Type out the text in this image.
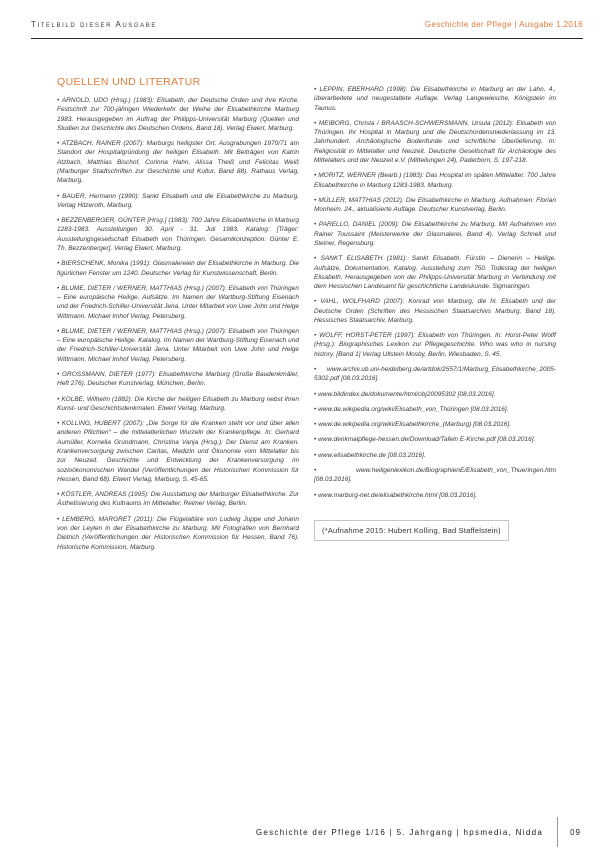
Titelbild dieser Ausgabe	Geschichte der Pflege | Ausgabe 1.2016
QUELLEN UND LITERATUR

• ARNOLD, UDO (Hrsg.) (1983): Elisabeth, der Deutsche Orden und ihre Kirche. Festschrift zur 700-jährigen Wiederkehr der Weihe der Elisabethkirche Marburg 1983. Herausgegeben im Auftrag der Philipps-Universität Marburg (Quellen und Studien zur Geschichte des Deutschen Ordens, Band 18). Verlag Elwert, Marburg.

• ATZBACH, RAINER (2007): Marburgs heiligster Ort. Ausgrabungen 1970/71 am Standort der Hospitalgründung der heiligen Elisabeth. Mit Beiträgen von Katrin Atzbach, Matthias Bischof, Corinna Hahn, Alissa Theiß und Felicitas Weiß (Marburger Stadtschriften zur Geschichte und Kultur, Band 88). Rathaus Verlag, Marburg.

• BAUER, Hermann (1990): Sankt Elisabeth und die Elisabethkirche zu Marburg. Verlag Hitzeroth, Marburg.

• BEZZENBERGER, GÜNTER [Hrsg.] (1983): 700 Jahre Elisabethkirche in Marburg 1283-1983. Ausstellungen 30. April - 31. Juli 1983. Katalog: [Träger: Ausstellungsgesellschaft Elisabeth von Thüringen. Gesamtkonzeption: Günter E. Th. Bezzenberger]. Verlag Elwert, Marburg.

• BIERSCHENK, Monika (1991): Glasmalereien der Elisabethkirche in Marburg. Die figürlichen Fenster um 1240. Deutscher Verlag für Kunstwissenschaft, Berlin.

• BLUME, DIETER / WERNER, MATTHIAS (Hrsg.) (2007): Elisabeth von Thüringen – Eine europäische Heilige. Aufsätze. Im Namen der Wartburg-Stiftung Eisenach und der Friedrich-Schiller-Universität Jena. Unter Mitarbeit von Uwe John und Helge Wittmann. Michael Imhof Verlag, Petersberg.

• BLUME, DIETER / WERNER, MATTHIAS (Hrsg.) (2007): Elisabeth von Thüringen – Eine europäische Heilige. Katalog. Im Namen der Wartburg-Stiftung Eisenach und der Friedrich-Schiller-Universität Jena. Unter Mitarbeit von Uwe John und Helge Wittmann. Michael Imhof Verlag, Petersberg.

• GROSSMANN, DIETER (1977): Elisabethkirche Marburg (Große Baudenkmäler, Heft 276). Deutscher Kunstverlag, München, Berlin.

• KOLBE, Wilhelm (1882): Die Kirche der heiligen Elisabeth zu Marburg nebst ihren Kunst- und Geschichtsdenkmalen. Elwert Verlag, Marburg.

• KOLLING, HUBERT (2007): „Die Sorge für die Kranken steht vor und über allen anderen Pflichten“ – die mittelalterlichen Wurzeln der Krankenpflege. In: Gerhard Aumüller, Kornelia Grundmann, Christina Vanja (Hrsg.): Der Dienst am Kranken. Krankenversorgung zwischen Caritas, Medizin und Ökonomie vom Mittelalter bis zur Neuzeit. Geschichte und Entwicklung der Krankenversorgung im sozioökonomischen Wandel (Veröffentlichungen der Historischen Kommission für Hessen, Band 68). Elwert Verlag, Marburg, S. 45-65.

• KÖSTLER, ANDREAS (1995): Die Ausstattung der Marburger Elisabethkirche. Zur Ästhetisierung des Kultraums im Mittelalter. Reimer Verlag, Berlin.

• LEMBERG, MARGRET (2011): Die Flügelaltäre von Ludwig Juppe und Johann von der Leyten in der Elisabethkirche zu Marburg. Mit Fotografien von Bernhard Dietrich (Veröffentlichungen der Historischen Kommission für Hessen, Band 76). Historische Kommission, Marburg.

• LEPPIN, EBERHARD (1998): Die Elisabethkirche in Marburg an der Lahn. 4., überarbeitete und neugestaltete Auflage. Verlag Langewiesche, Königstein im Taunus.

• MEIBORG, Christa / BRAASCH-SCHWERSMANN, Ursula (2012): Elisabeth von Thüringen. Ihr Hospital in Marburg und die Deutschordensniederlassung im 13. Jahrhundert. Archäologische Bodenfunde und schriftliche Überlieferung. In: Religiosität in Mittelalter und Neuzeit. Deutsche Gesellschaft für Archäologie des Mittelalters und der Neuzeit e.V. (Mitteilungen 24), Paderborn, S. 197-218.

• MORITZ, WERNER (Bearb.) (1983): Das Hospital im späten Mittelalter. 700 Jahre Elisabethkirche in Marburg 1283-1983. Marburg.

• MÜLLER, MATTHIAS (2012): Die Elisabethkirche in Marburg. Aufnahmen: Florian Monheim. 24., aktualisierte Auflage. Deutscher Kunstverlag, Berlin.

• PARELLO, DANIEL (2009): Die Elisabethkirche zu Marburg. Mit Aufnahmen von Rainer Toussaint (Meisterwerke der Glasmalerei, Band 4). Verlag Schnell und Steiner, Regensburg.

• SANKT ELISABETH (1981): Sankt Elisabeth. Fürstin – Dienerin – Heilige. Aufsätze, Dokumentation, Katalog. Ausstellung zum 750. Todestag der heiligen Elisabeth. Herausgegeben von der Philipps-Universität Marburg in Verbindung mit dem Hessischen Landesamt für geschichtliche Landeskunde. Sigmaringen.

• VAHL, WOLFHARD (2007): Konrad von Marburg, die hl. Elisabeth und der Deutsche Orden (Schriften des Hessischen Staatsarchivs Marburg, Band 18). Hessisches Staatsarchiv, Marburg.

• WOLFF, HORST-PETER (1997): Elisabeth von Thüringen. In: Horst-Peter Wolff (Hrsg.): Biographisches Lexikon zur Pflegegeschichte. Who was who in nursing history. [Band 1] Verlag Ullstein Mosby, Berlin, Wiesbaden, S. 45.

• www.archiv.ub.uni-heidelberg.de/artdok/2557/1/Marburg_Elisabethkirche_2005-5302.pdf [08.03.2016].

• www.bildindex.de/dokumente/html/obj20095302 [08.03.2016].

• www.de.wikipedia.org/wiki/Elisabeth_von_Thüringen [08.03.2016].

• www.de.wikipedia.org/wiki/Elisabethkirche_(Marburg) [08.03.2016].

• www.denkmalpflege-hessen.de/Download/Tafeln E-Kirche.pdf [08.03.2016].

• www.elisabethkirche.de [08.03.2016].

• www.heiligenlexikon.de/BiographienE/Elisabeth_von_Thueringen.htm [08.03.2016].

• www.marburg-net.de/elisabethkirche.html [08.03.2016].

(*Aufnahme 2015: Hubert Kolling, Bad Staffelstein)
Geschichte der Pflege 1/16 | 5. Jahrgang | hpsmedia, Nidda	09
